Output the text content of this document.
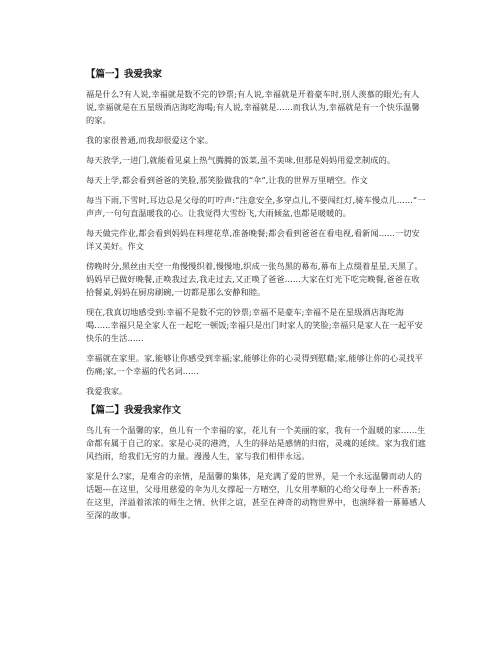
【篇一】我爱我家

福是什么?有人说,幸福就是数不完的钞票;有人说,幸福就是开着豪车时,别人羡慕的眼光;有人说,幸福就是在五星级酒店海吃海喝;有人说,幸福就是......而我认为,幸福就是有一个快乐温馨的家。

我的家很普通,而我却很爱这个家。

每天放学,一进门,就能看见桌上热气腾腾的饭菜,虽不美味,但那是妈妈用爱烹制成的。

每天上学,都会看到爸爸的笑脸,那笑脸做我的“伞”,让我的世界万里晴空。作文

每当下雨,下雪时,耳边总是父母的叮咛声:“注意安全,多穿点儿,不要闯红灯,骑车慢点儿......”一声声,一句句直温暖我的心。让我觉得大雪纷飞,大雨倾盆,也都是暖暖的。

每天做完作业,都会看到妈妈在料理花草,准备晚餐;都会看到爸爸在看电视,看新闻......一切安详又美好。作文

傍晚时分,黑丝由天空一角慢慢织着,慢慢地,织成一张鸟黑的幕布,幕布上点缀着星星,天黑了。妈妈早已做好晚餐,正唤我过去,我走过去,又正唤了爸爸......大家在灯光下吃完晚餐,爸爸在收拾餐桌,妈妈在厨房刷碗,一切都是那么安静和睦。

现在,我真切地感受到:幸福不是数不完的钞票;幸福不是豪车;幸福不是在星级酒店海吃海喝......幸福只是全家人在一起吃一顿饭;幸福只是出门时家人的笑脸;幸福只是家人在一起平安快乐的生活......

幸福就在家里。家,能够让你感受到幸福;家,能够让你的心灵得到慰藉;家,能够让你的心灵找平伤痛;家,一个幸福的代名词......

我爱我家。

【篇二】我爱我家作文

鸟儿有一个温馨的家，鱼儿有一个幸福的家，花儿有一个美丽的家，我有一个温暖的家......生命都有属于自己的家。家是心灵的港湾，人生的驿站是感情的归宿，灵魂的延续。家为我们遮风挡雨，给我们无穷的力量。漫漫人生，家与我们相伴永远。

家是什么?家，是难舍的亲情，是温馨的集体，是充满了爱的世界，是一个永远温馨而动人的话题---在这里，父母用慈爱的伞为儿女撑起一方晴空，儿女用孝顺的心给父母奉上一杯香茶;在这里，洋溢着浓浓的师生之情、伙伴之谊，甚至在神奇的动物世界中，也演绎着一幕幕感人至深的故事。
